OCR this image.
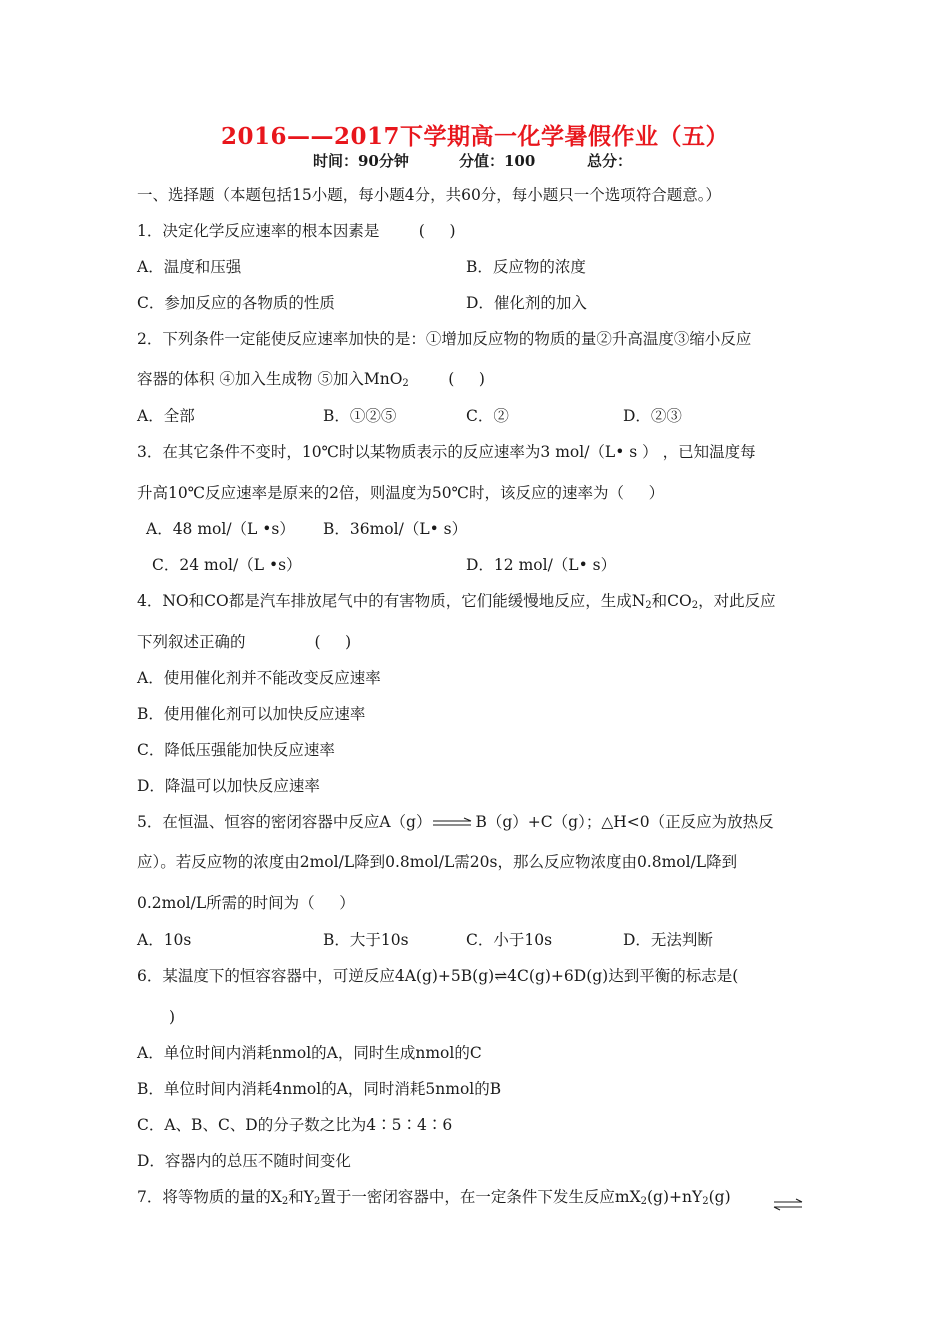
2016——2017下学期高一化学暑假作业（五）
时间：90分钟	分值：100	总分：
一、选择题（本题包括15小题，每小题4分，共60分，每小题只一个选项符合题意。）
1．决定化学反应速率的根本因素是        (     )
A．温度和压强	B．反应物的浓度
C．参加反应的各物质的性质	D．催化剂的加入
2．下列条件一定能使反应速率加快的是：①增加反应物的物质的量②升高温度③缩小反应
容器的体积 ④加入生成物 ⑤加入MnO$_2$        (     )
A．全部	B．①②⑤	C．②	D．②③
3．在其它条件不变时，10℃时以某物质表示的反应速率为3 mol/（L• s ） ，已知温度每
升高10℃反应速率是原来的2倍，则温度为50℃时，该反应的速率为（     ）
A．48 mol/（L •s） B．36mol/（L• s）
C．24 mol/（L •s）	D．12 mol/（L• s）
4．NO和CO都是汽车排放尾气中的有害物质，它们能缓慢地反应，生成$N_2$和$CO_2$，对此反应
下列叙述正确的              (     )
A．使用催化剂并不能改变反应速率
B．使用催化剂可以加快反应速率
C．降低压强能加快反应速率
D．降温可以加快反应速率
5．在恒温、恒容的密闭容器中反应A（g）	B（g）+C（g）；△H<0（正反应为放热反
应）。若反应物的浓度由2mol/L降到0.8mol/L需20s，那么反应物浓度由0.8mol/L降到
0.2mol/L所需的时间为（     ）
A．10s	B．大于10s	C．小于10s	D．无法判断
6．某温度下的恒容容器中，可逆反应4A(g)+5B(g)⇌4C(g)+6D(g)达到平衡的标志是(
)
A．单位时间内消耗nmol的A，同时生成nmol的C
B．单位时间内消耗4nmol的A，同时消耗5nmol的B
C．A、B、C、D的分子数之比为4∶5∶4∶6
D．容器内的总压不随时间变化
7．将等物质的量的$X_2$和$Y_2$置于一密闭容器中，在一定条件下发生反应$mX_2(g)+nY_2(g)$
